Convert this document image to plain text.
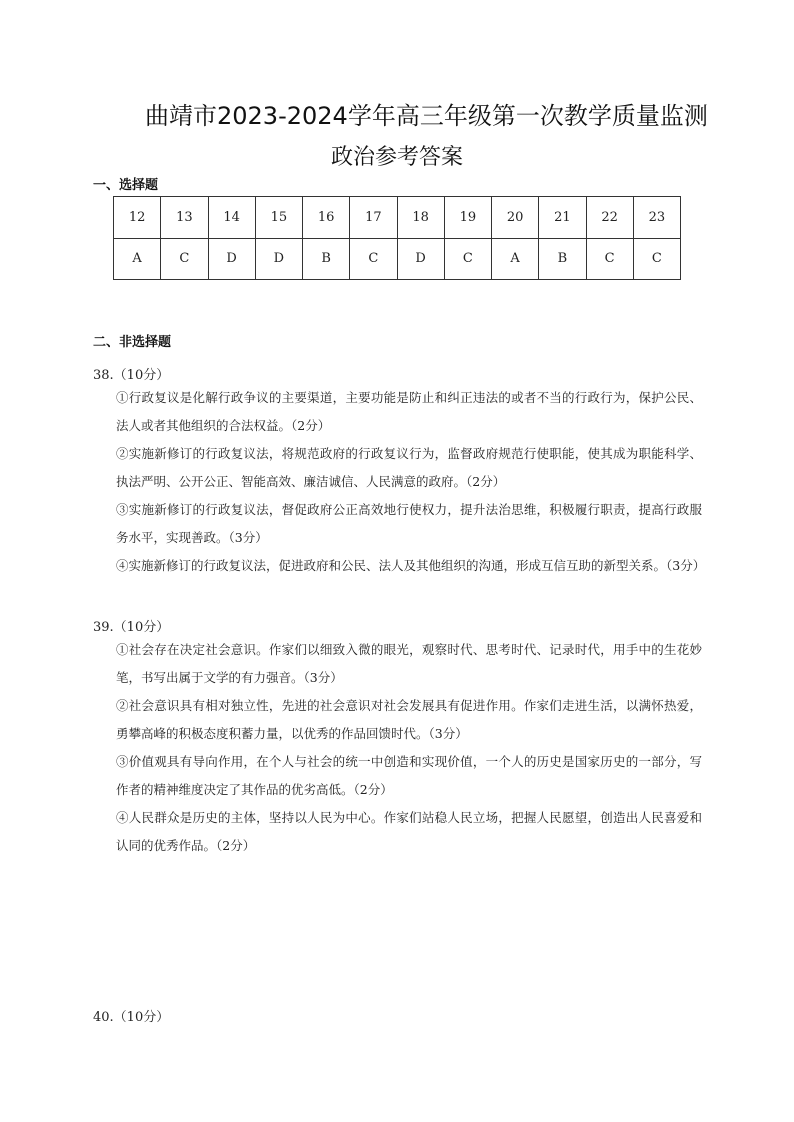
曲靖市2023-2024学年高三年级第一次教学质量监测
政治参考答案
一、选择题
12	13	14	15	16	17	18	19	20	21	22	23
A	C	D	D	B	C	D	C	A	B	C	C
二、非选择题
38.（10分）
①行政复议是化解行政争议的主要渠道，主要功能是防止和纠正违法的或者不当的行政行为，保护公民、法人或者其他组织的合法权益。（2分）
②实施新修订的行政复议法，将规范政府的行政复议行为，监督政府规范行使职能，使其成为职能科学、执法严明、公开公正、智能高效、廉洁诚信、人民满意的政府。（2分）
③实施新修订的行政复议法，督促政府公正高效地行使权力，提升法治思维，积极履行职责，提高行政服务水平，实现善政。（3分）
④实施新修订的行政复议法，促进政府和公民、法人及其他组织的沟通，形成互信互助的新型关系。（3分）
39.（10分）
①社会存在决定社会意识。作家们以细致入微的眼光，观察时代、思考时代、记录时代，用手中的生花妙笔，书写出属于文学的有力强音。（3分）
②社会意识具有相对独立性，先进的社会意识对社会发展具有促进作用。作家们走进生活，以满怀热爱，勇攀高峰的积极态度积蓄力量，以优秀的作品回馈时代。（3分）
③价值观具有导向作用，在个人与社会的统一中创造和实现价值，一个人的历史是国家历史的一部分，写作者的精神维度决定了其作品的优劣高低。（2分）
④人民群众是历史的主体，坚持以人民为中心。作家们站稳人民立场，把握人民愿望，创造出人民喜爱和认同的优秀作品。（2分）
40.（10分）
